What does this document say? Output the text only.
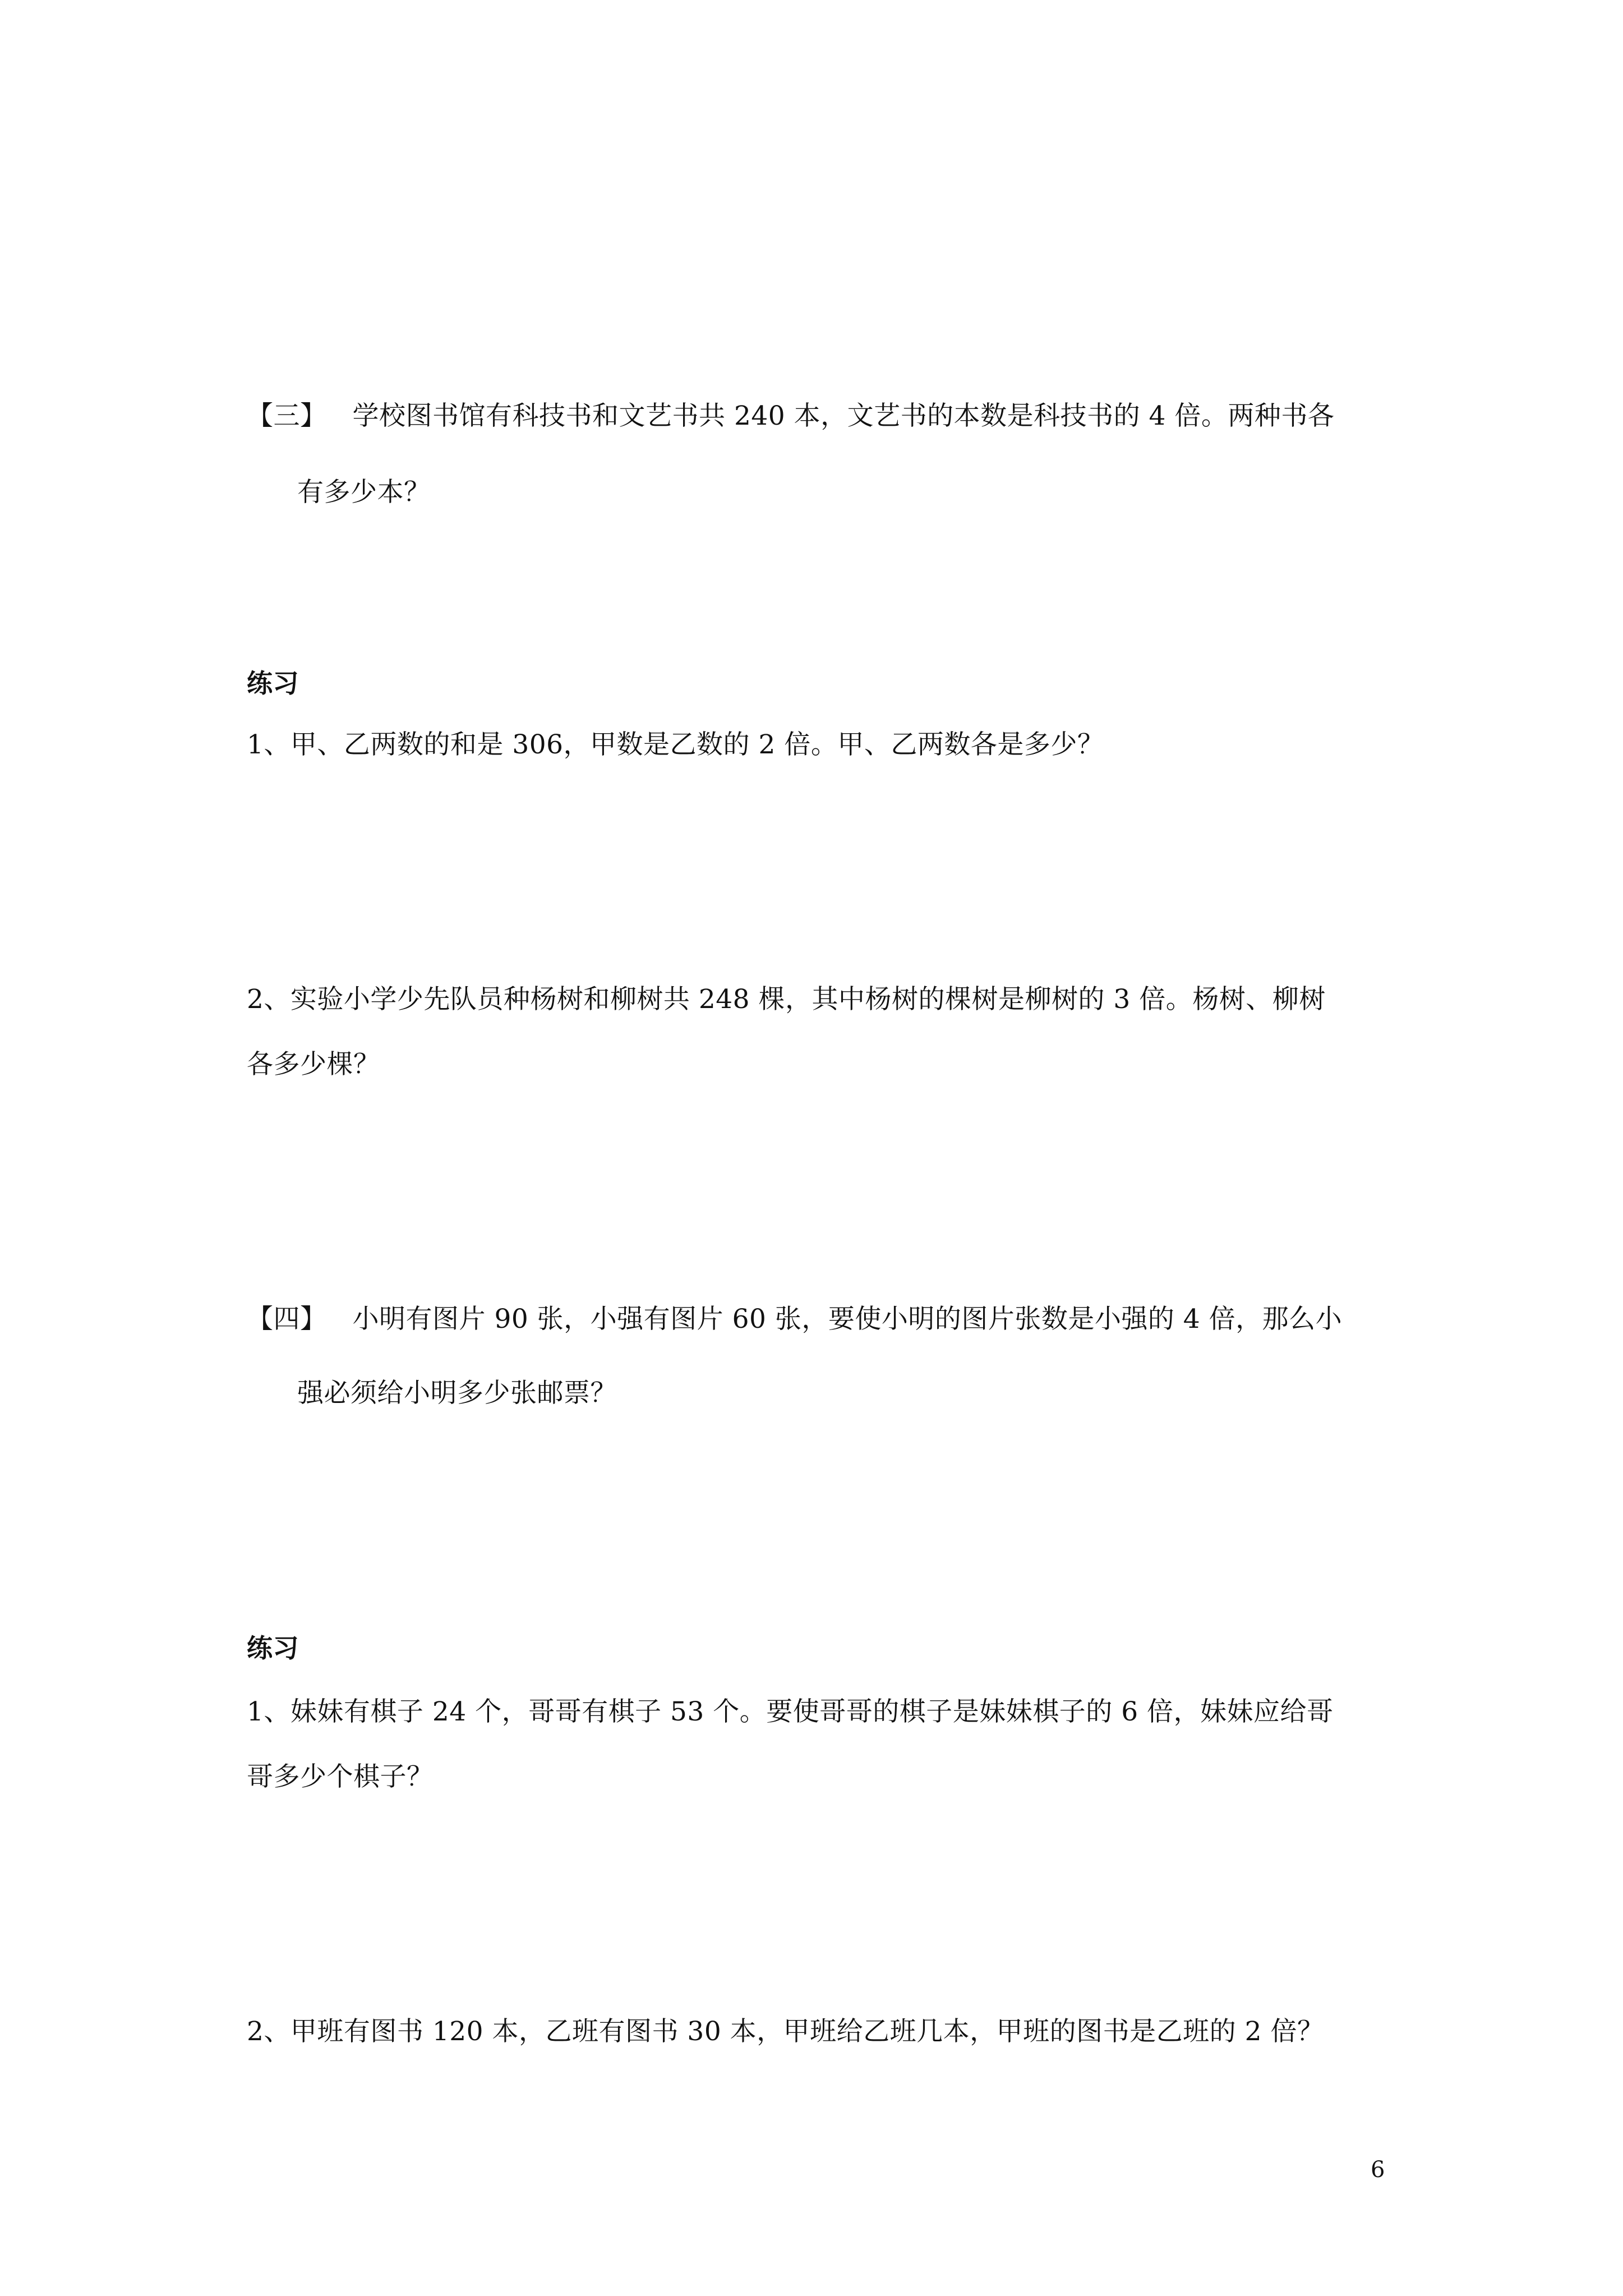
【三】 学校图书馆有科技书和文艺书共 240 本，文艺书的本数是科技书的 4 倍。两种书各
有多少本？
练习
1、甲、乙两数的和是 306，甲数是乙数的 2 倍。甲、乙两数各是多少？
2、实验小学少先队员种杨树和柳树共 248 棵，其中杨树的棵树是柳树的 3 倍。杨树、柳树
各多少棵？
【四】 小明有图片 90 张，小强有图片 60 张，要使小明的图片张数是小强的 4 倍，那么小
强必须给小明多少张邮票？
练习
1、妹妹有棋子 24 个，哥哥有棋子 53 个。要使哥哥的棋子是妹妹棋子的 6 倍，妹妹应给哥
哥多少个棋子？
2、甲班有图书 120 本，乙班有图书 30 本，甲班给乙班几本，甲班的图书是乙班的 2 倍？
6
